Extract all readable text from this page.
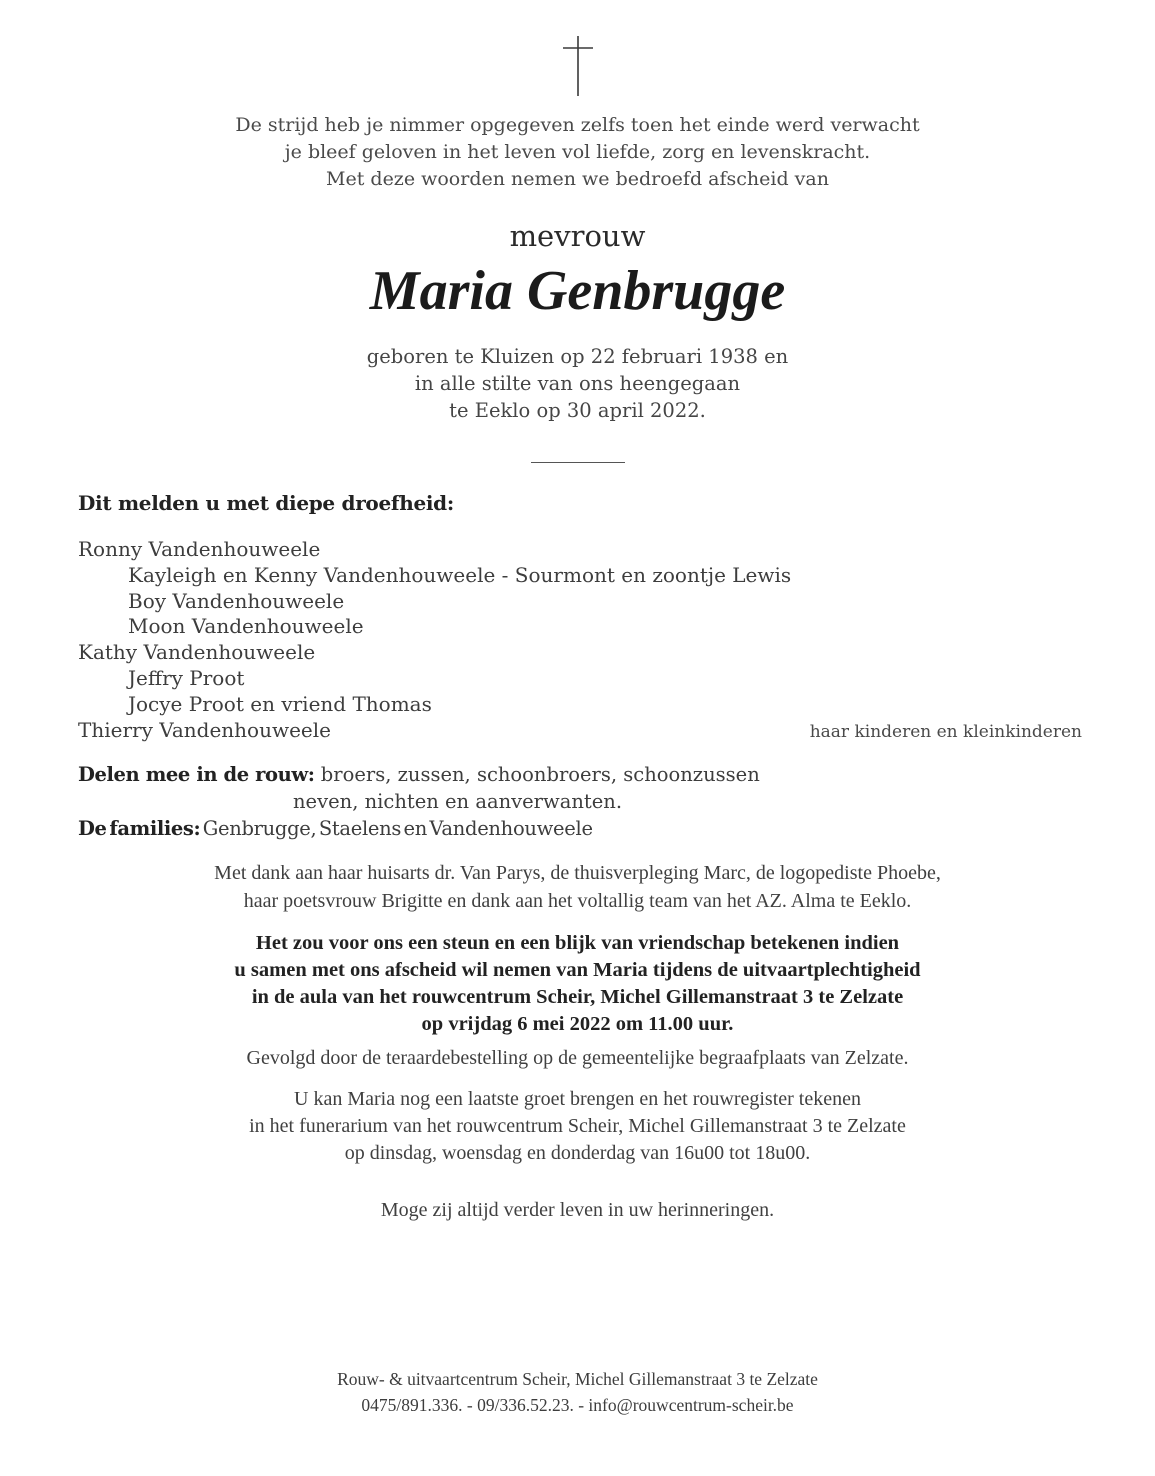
De strijd heb je nimmer opgegeven zelfs toen het einde werd verwacht
je bleef geloven in het leven vol liefde, zorg en levenskracht.
Met deze woorden nemen we bedroefd afscheid van
mevrouw
Maria Genbrugge
geboren te Kluizen op 22 februari 1938 en
in alle stilte van ons heengegaan
te Eeklo op 30 april 2022.
Dit melden u met diepe droefheid:
Ronny Vandenhouweele
Kayleigh en Kenny Vandenhouweele - Sourmont en zoontje Lewis
Boy Vandenhouweele
Moon Vandenhouweele
Kathy Vandenhouweele
Jeffry Proot
Jocye Proot en vriend Thomas
Thierry Vandenhouweele	haar kinderen en kleinkinderen
Delen mee in de rouw: broers, zussen, schoonbroers, schoonzussen
neven, nichten en aanverwanten.
De families: Genbrugge, Staelens en Vandenhouweele
Met dank aan haar huisarts dr. Van Parys, de thuisverpleging Marc, de logopediste Phoebe,
haar poetsvrouw Brigitte en dank aan het voltallig team van het AZ. Alma te Eeklo.
Het zou voor ons een steun en een blijk van vriendschap betekenen indien
u samen met ons afscheid wil nemen van Maria tijdens de uitvaartplechtigheid
in de aula van het rouwcentrum Scheir, Michel Gillemanstraat 3 te Zelzate
op vrijdag 6 mei 2022 om 11.00 uur.
Gevolgd door de teraardebestelling op de gemeentelijke begraafplaats van Zelzate.
U kan Maria nog een laatste groet brengen en het rouwregister tekenen
in het funerarium van het rouwcentrum Scheir, Michel Gillemanstraat 3 te Zelzate
op dinsdag, woensdag en donderdag van 16u00 tot 18u00.
Moge zij altijd verder leven in uw herinneringen.
Rouw- & uitvaartcentrum Scheir, Michel Gillemanstraat 3 te Zelzate
0475/891.336. - 09/336.52.23. - info@rouwcentrum-scheir.be
